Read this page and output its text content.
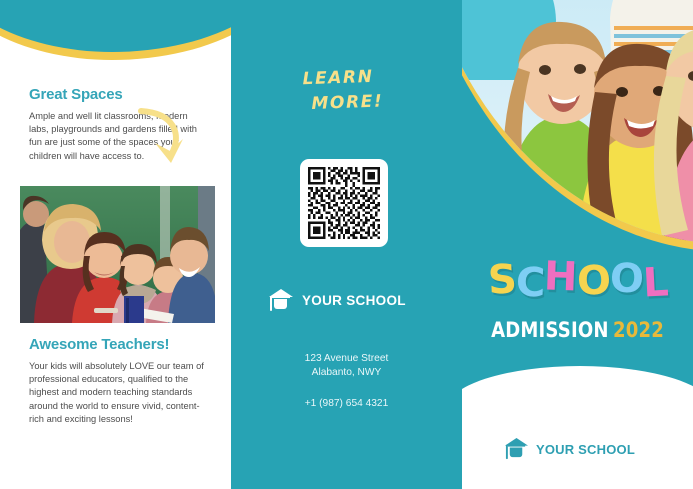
Great Spaces
Ample and well lit classrooms, modern labs, playgrounds and gardens filled with fun are just some of the spaces your children will have access to.
Awesome Teachers!
Your kids will absolutely LOVE our team of professional educators, qualified to the highest and modern teaching standards around the world to ensure vivid, content-rich and exciting lessons!
LEARN
MORE!
YOUR SCHOOL
123 Avenue Street
Alabanto, NWY
+1 (987) 654 4321
SCHOOL
ADMISSION 2022
YOUR SCHOOL
